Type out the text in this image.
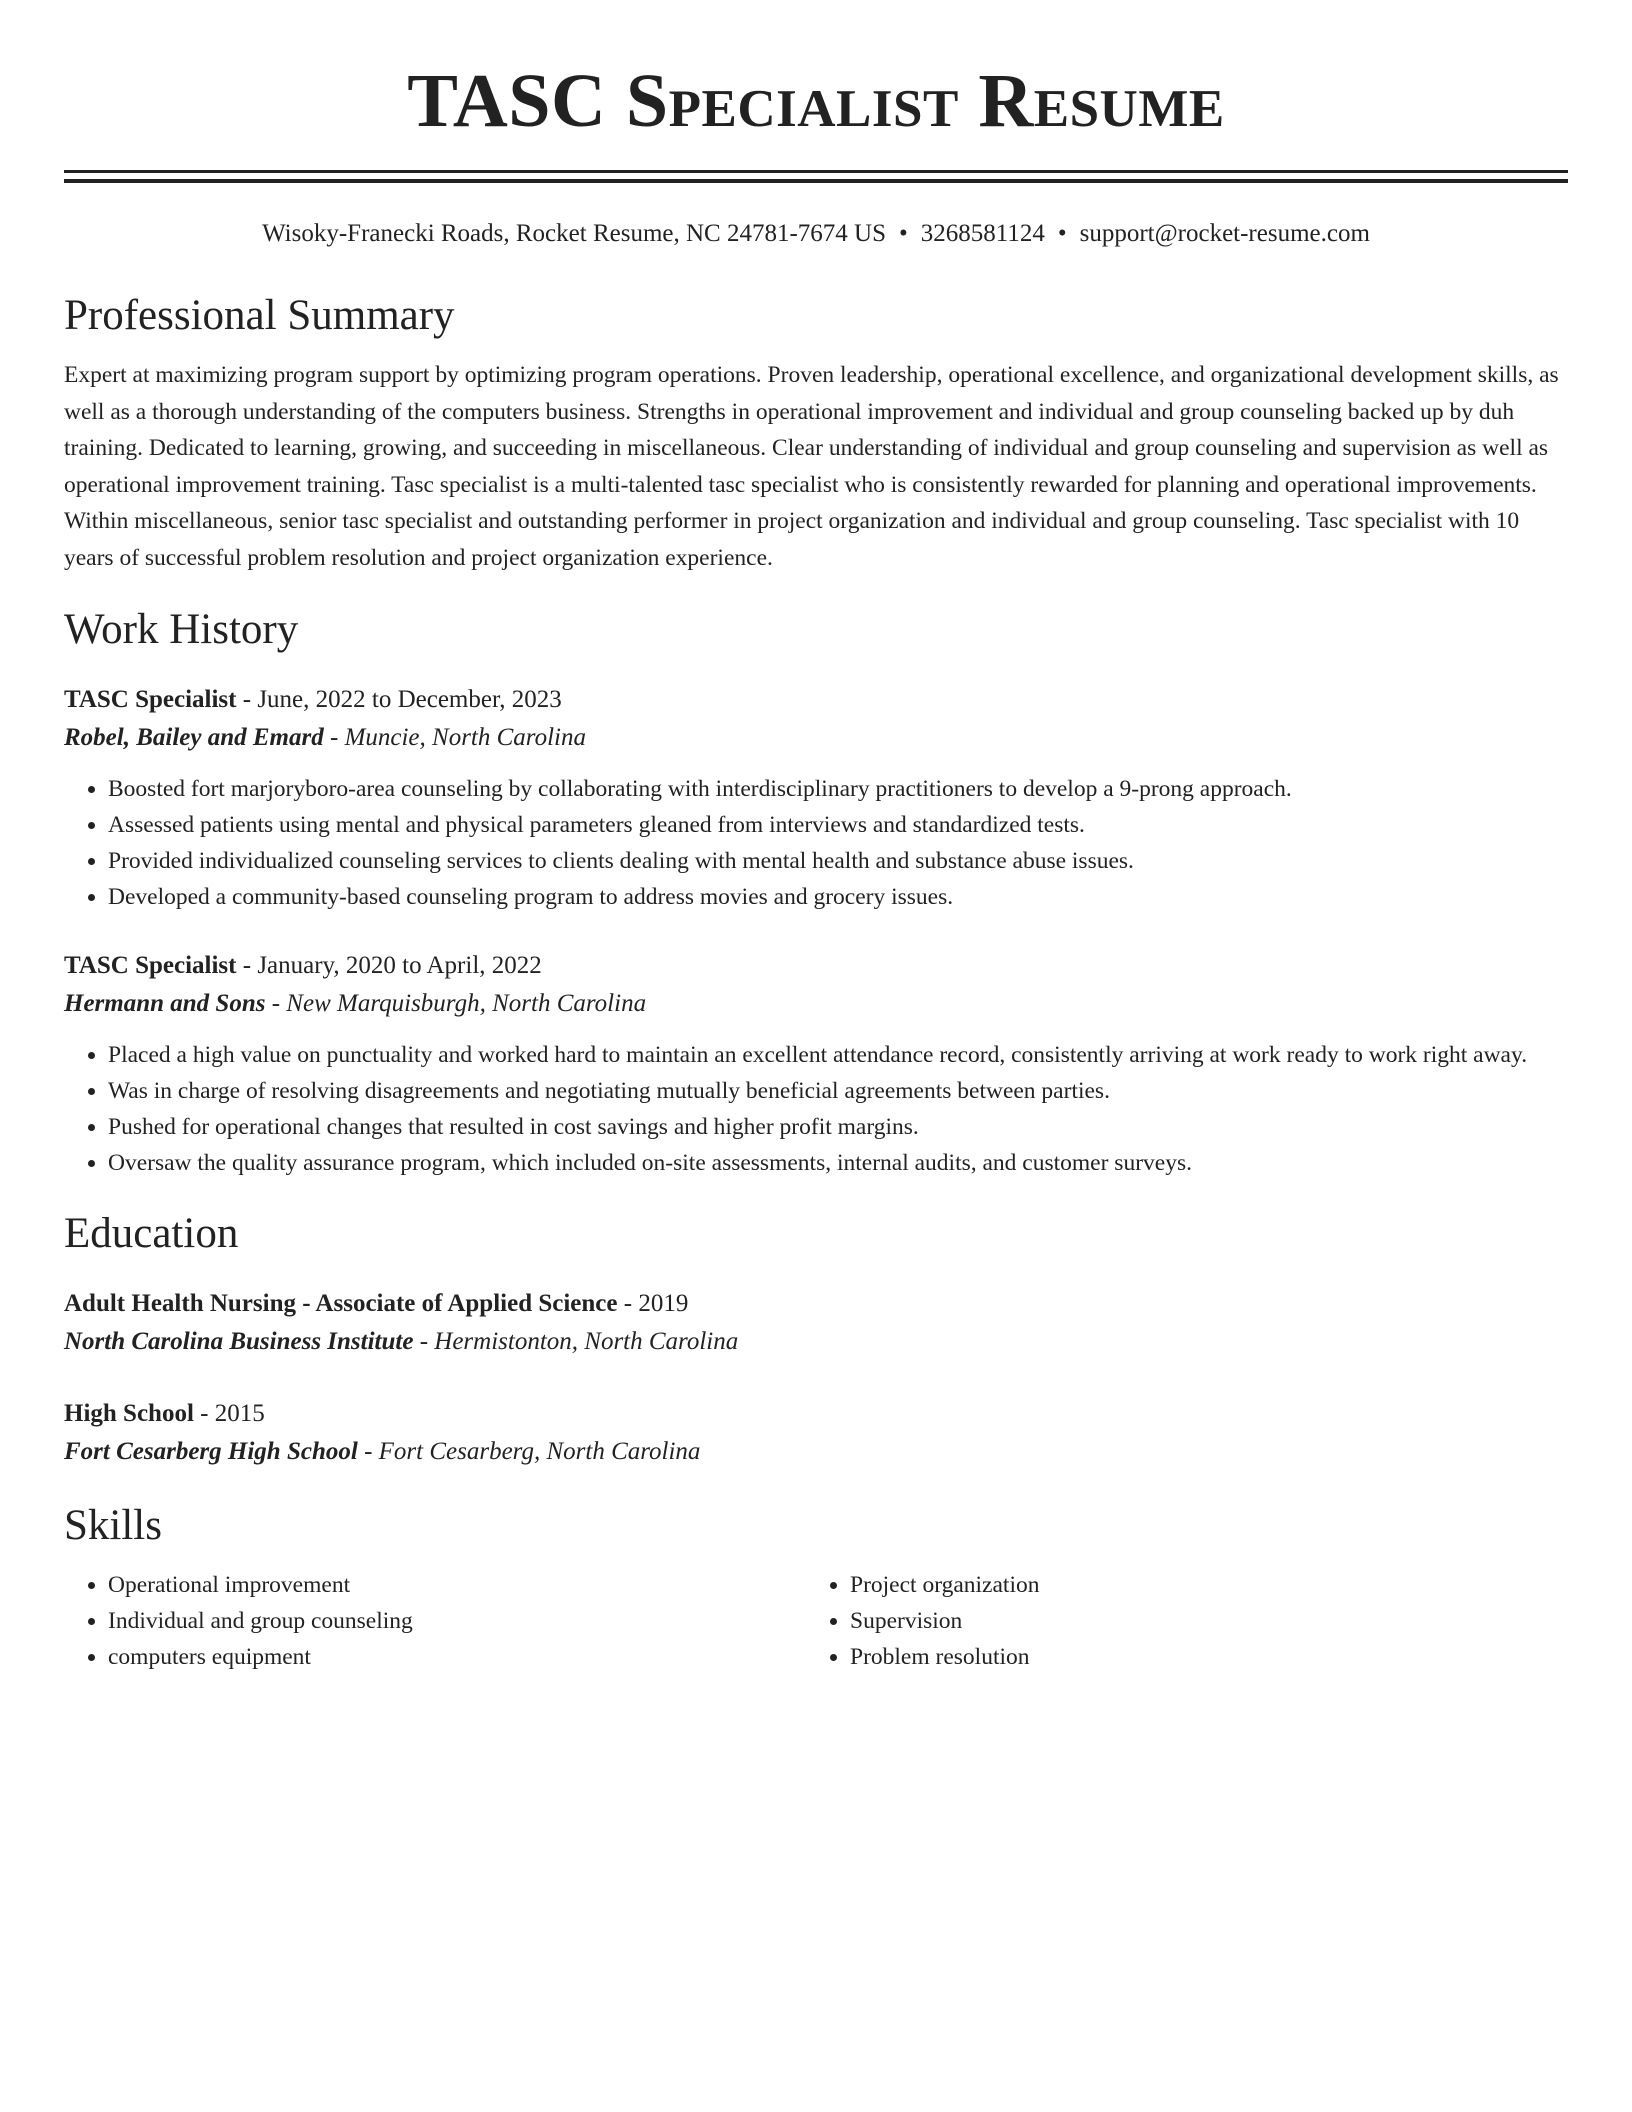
TASC Specialist Resume
Wisoky-Franecki Roads, Rocket Resume, NC 24781-7674 US • 3268581124 • support@rocket-resume.com
Professional Summary

Expert at maximizing program support by optimizing program operations. Proven leadership, operational excellence, and organizational development skills, as well as a thorough understanding of the computers business. Strengths in operational improvement and individual and group counseling backed up by duh training. Dedicated to learning, growing, and succeeding in miscellaneous. Clear understanding of individual and group counseling and supervision as well as operational improvement training. Tasc specialist is a multi-talented tasc specialist who is consistently rewarded for planning and operational improvements. Within miscellaneous, senior tasc specialist and outstanding performer in project organization and individual and group counseling. Tasc specialist with 10 years of successful problem resolution and project organization experience.

Work History
TASC Specialist - June, 2022 to December, 2023
Robel, Bailey and Emard - Muncie, North Carolina
• Boosted fort marjoryboro-area counseling by collaborating with interdisciplinary practitioners to develop a 9-prong approach.
• Assessed patients using mental and physical parameters gleaned from interviews and standardized tests.
• Provided individualized counseling services to clients dealing with mental health and substance abuse issues.
• Developed a community-based counseling program to address movies and grocery issues.
TASC Specialist - January, 2020 to April, 2022
Hermann and Sons - New Marquisburgh, North Carolina
• Placed a high value on punctuality and worked hard to maintain an excellent attendance record, consistently arriving at work ready to work right away.
• Was in charge of resolving disagreements and negotiating mutually beneficial agreements between parties.
• Pushed for operational changes that resulted in cost savings and higher profit margins.
• Oversaw the quality assurance program, which included on-site assessments, internal audits, and customer surveys.
Education
Adult Health Nursing - Associate of Applied Science - 2019
North Carolina Business Institute - Hermistonton, North Carolina
High School - 2015
Fort Cesarberg High School - Fort Cesarberg, North Carolina
Skills
• Operational improvement
• Individual and group counseling
• computers equipment
• Project organization
• Supervision
• Problem resolution
